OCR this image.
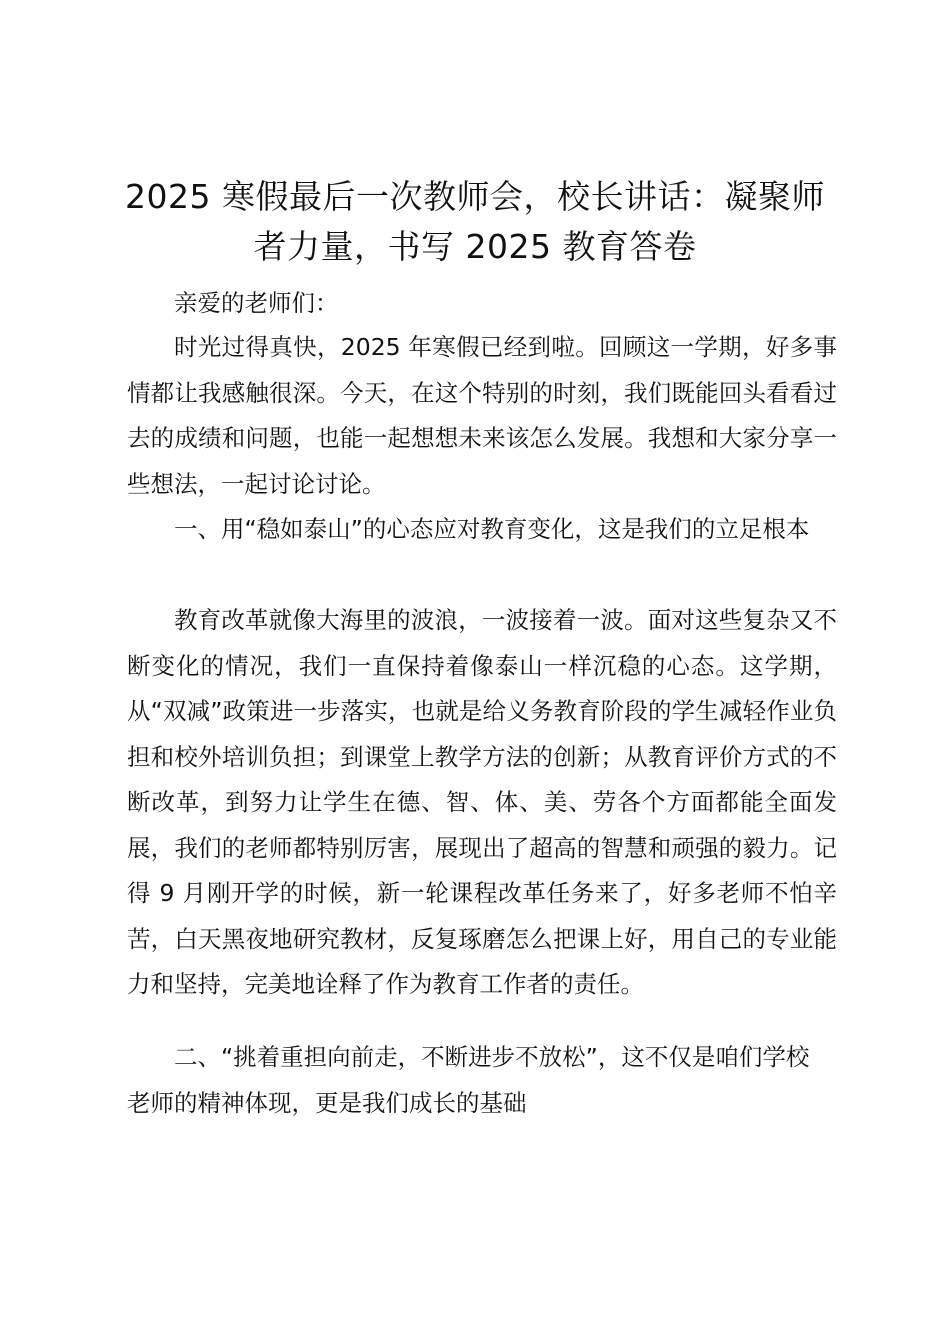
2025 寒假最后一次教师会，校长讲话：凝聚师者力量，书写 2025 教育答卷

亲爱的老师们：

时光过得真快，2025 年寒假已经到啦。回顾这一学期，好多事情都让我感触很深。今天，在这个特别的时刻，我们既能回头看看过去的成绩和问题，也能一起想想未来该怎么发展。我想和大家分享一些想法，一起讨论讨论。

一、用“稳如泰山”的心态应对教育变化，这是我们的立足根本

教育改革就像大海里的波浪，一波接着一波。面对这些复杂又不断变化的情况，我们一直保持着像泰山一样沉稳的心态。这学期，从“双减”政策进一步落实，也就是给义务教育阶段的学生减轻作业负担和校外培训负担；到课堂上教学方法的创新；从教育评价方式的不断改革，到努力让学生在德、智、体、美、劳各个方面都能全面发展，我们的老师都特别厉害，展现出了超高的智慧和顽强的毅力。记得 9 月刚开学的时候，新一轮课程改革任务来了，好多老师不怕辛苦，白天黑夜地研究教材，反复琢磨怎么把课上好，用自己的专业能力和坚持，完美地诠释了作为教育工作者的责任。

二、“挑着重担向前走，不断进步不放松”，这不仅是咱们学校老师的精神体现，更是我们成长的基础
